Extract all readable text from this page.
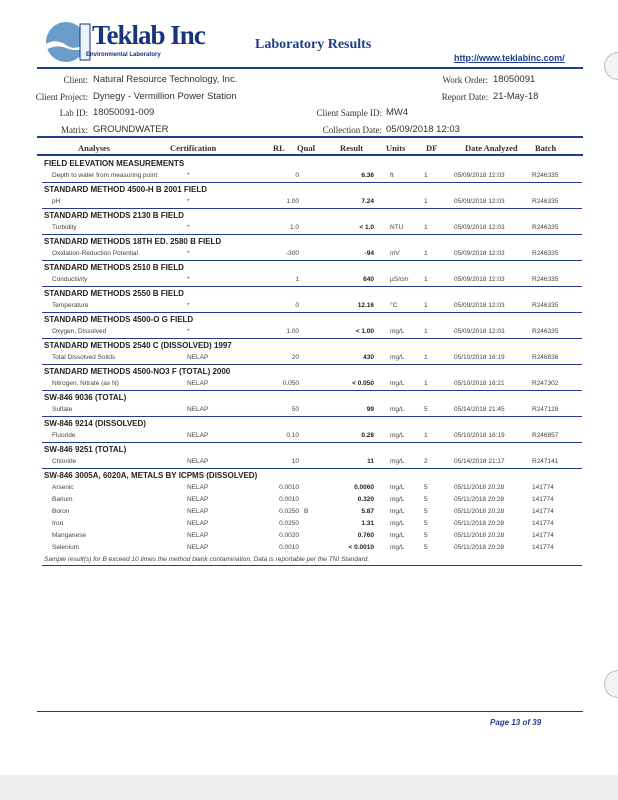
Teklab Inc
Environmental Laboratory
Laboratory Results
http://www.teklabinc.com/
Client: Natural Resource Technology, Inc.
Client Project: Dynegy - Vermillion Power Station
Lab ID: 18050091-009
Matrix: GROUNDWATER
Work Order: 18050091
Report Date: 21-May-18
Client Sample ID: MW4
Collection Date: 05/09/2018 12:03
Analyses	Certification	RL Qual	Result	Units DF	Date Analyzed Batch
FIELD ELEVATION MEASUREMENTS
Depth to water from measuring point	*	0	6.36 ft	1	05/09/2018 12:03	R246335
STANDARD METHOD 4500-H B 2001 FIELD
pH	*	1.00	7.24	1	05/09/2018 12:03	R246335
STANDARD METHODS 2130 B FIELD
Turbidity	*	1.0	< 1.0 NTU	1	05/09/2018 12:03	R246335
STANDARD METHODS 18TH ED. 2580 B FIELD
Oxidation-Reduction Potential	*	-300	-94 mV	1	05/09/2018 12:03	R246335
STANDARD METHODS 2510 B FIELD
Conductivity	*	1	640 µS/cm 1	05/09/2018 12:03	R246335
STANDARD METHODS 2550 B FIELD
Temperature	*	0	12.16 °C	1	05/09/2018 12:03	R246335
STANDARD METHODS 4500-O G FIELD
Oxygen, Dissolved	*	1.00	< 1.00 mg/L	1	05/09/2018 12:03	R246335
STANDARD METHODS 2540 C (DISSOLVED) 1997
Total Dissolved Solids	NELAP	20	430 mg/L	1	05/10/2018 16:19	R246836
STANDARD METHODS 4500-NO3 F (TOTAL) 2000
Nitrogen, Nitrate (as N)	NELAP	0.050	< 0.050 mg/L	1	05/10/2018 16:21	R247302
SW-846 9036 (TOTAL)
Sulfate	NELAP	50	99 mg/L	5	05/14/2018 21:45	R247128
SW-846 9214 (DISSOLVED)
Fluoride	NELAP	0.10	0.28 mg/L	1	05/10/2018 16:19	R246857
SW-846 9251 (TOTAL)
Chloride	NELAP	10	11 mg/L	2	05/14/2018 21:17	R247141
SW-846 3005A, 6020A, METALS BY ICPMS (DISSOLVED)
Arsenic	NELAP	0.0010	0.0060 mg/L	5	05/11/2018 20:28	141774
Barium	NELAP	0.0010	0.320 mg/L	5	05/11/2018 20:28	141774
Boron	NELAP	0.0250 B	5.87 mg/L	5	05/11/2018 20:28	141774
Iron	NELAP	0.0250	1.31 mg/L	5	05/11/2018 20:28	141774
Manganese	NELAP	0.0020	0.760 mg/L	5	05/11/2018 20:28	141774
Selenium	NELAP	0.0010	< 0.0010 mg/L	5	05/11/2018 20:28	141774
Sample result(s) for B exceed 10 times the method blank contamination. Data is reportable per the TNI Standard.
Page 13 of 39
